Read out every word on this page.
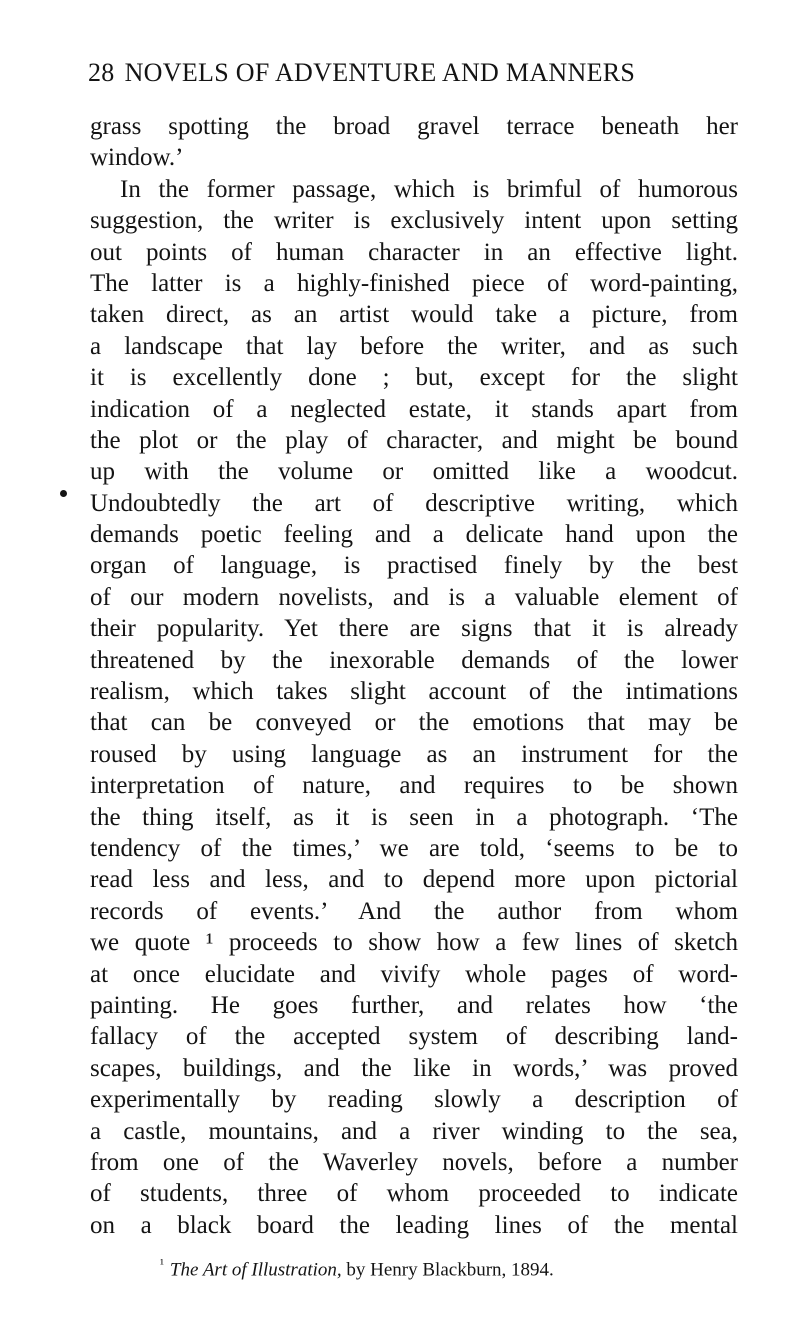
28 NOVELS OF ADVENTURE AND MANNERS
grass spotting the broad gravel terrace beneath her
window.’
In the former passage, which is brimful of humorous
suggestion, the writer is exclusively intent upon setting
out points of human character in an effective light.
The latter is a highly-finished piece of word-painting,
taken direct, as an artist would take a picture, from
a landscape that lay before the writer, and as such
it is excellently done ; but, except for the slight
indication of a neglected estate, it stands apart from
the plot or the play of character, and might be bound
up with the volume or omitted like a woodcut.
Undoubtedly the art of descriptive writing, which
demands poetic feeling and a delicate hand upon the
organ of language, is practised finely by the best
of our modern novelists, and is a valuable element of
their popularity. Yet there are signs that it is already
threatened by the inexorable demands of the lower
realism, which takes slight account of the intimations
that can be conveyed or the emotions that may be
roused by using language as an instrument for the
interpretation of nature, and requires to be shown
the thing itself, as it is seen in a photograph. ‘The
tendency of the times,’ we are told, ‘seems to be to
read less and less, and to depend more upon pictorial
records of events.’ And the author from whom
we quote ¹ proceeds to show how a few lines of sketch
at once elucidate and vivify whole pages of word-
painting. He goes further, and relates how ‘the
fallacy of the accepted system of describing land-
scapes, buildings, and the like in words,’ was proved
experimentally by reading slowly a description of
a castle, mountains, and a river winding to the sea,
from one of the Waverley novels, before a number
of students, three of whom proceeded to indicate
on a black board the leading lines of the mental
$^{^1}$ The Art of Illustration, by Henry Blackburn, 1894.
